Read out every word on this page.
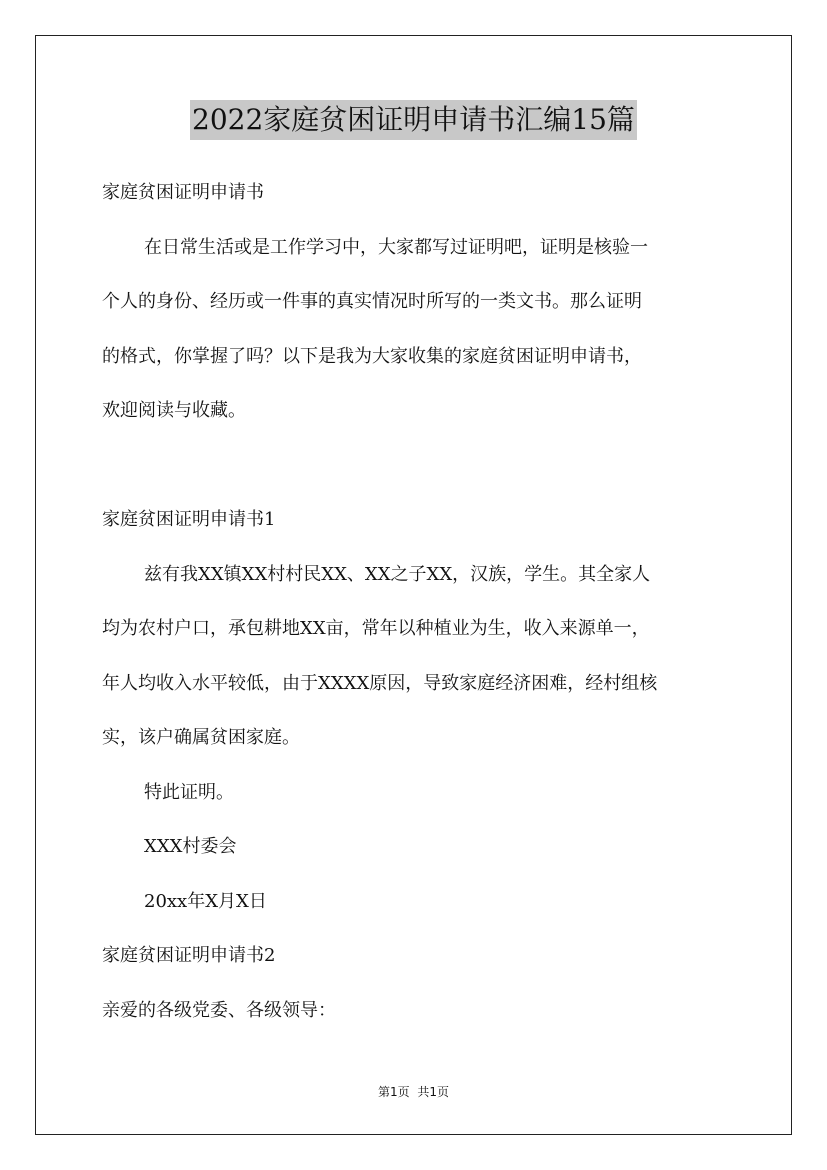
2022家庭贫困证明申请书汇编15篇
家庭贫困证明申请书
在日常生活或是工作学习中，大家都写过证明吧，证明是核验一
个人的身份、经历或一件事的真实情况时所写的一类文书。那么证明
的格式，你掌握了吗？以下是我为大家收集的家庭贫困证明申请书，
欢迎阅读与收藏。
家庭贫困证明申请书1
兹有我XX镇XX村村民XX、XX之子XX，汉族，学生。其全家人
均为农村户口，承包耕地XX亩，常年以种植业为生，收入来源单一，
年人均收入水平较低，由于XXXX原因，导致家庭经济困难，经村组核
实，该户确属贫困家庭。
特此证明。
XXX村委会
20xx年X月X日
家庭贫困证明申请书2
亲爱的各级党委、各级领导：
第1页 共1页
